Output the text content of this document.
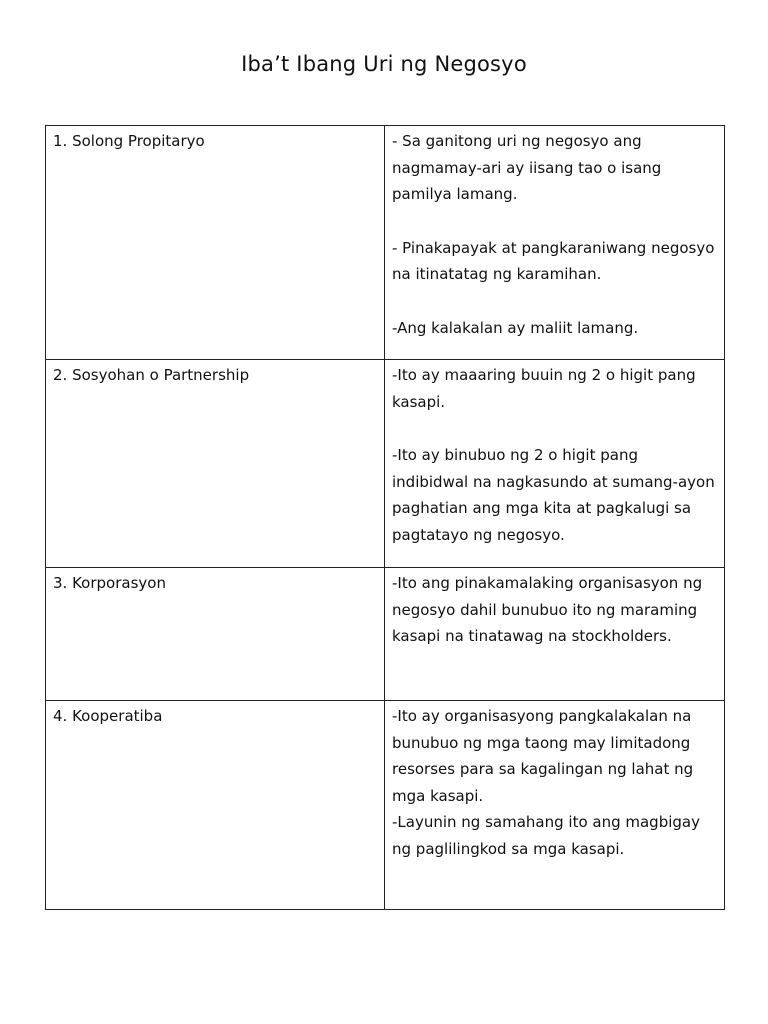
Iba’t Ibang Uri ng Negosyo
1. Solong Propitaryo	- Sa ganitong uri ng negosyo ang nagmamay-ari ay iisang tao o isang pamilya lamang.

- Pinakapayak at pangkaraniwang negosyo na itinatatag ng karamihan.

-Ang kalakalan ay maliit lamang.

2. Sosyohan o Partnership	-Ito ay maaaring buuin ng 2 o higit pang kasapi.

-Ito ay binubuo ng 2 o higit pang indibidwal na nagkasundo at sumang-ayon paghatian ang mga kita at pagkalugi sa pagtatayo ng negosyo.

3. Korporasyon	-Ito ang pinakamalaking organisasyon ng negosyo dahil bunubuo ito ng maraming kasapi na tinatawag na stockholders.

4. Kooperatiba	-Ito ay organisasyong pangkalakalan na bunubuo ng mga taong may limitadong resorses para sa kagalingan ng lahat ng mga kasapi.

-Layunin ng samahang ito ang magbigay ng paglilingkod sa mga kasapi.
